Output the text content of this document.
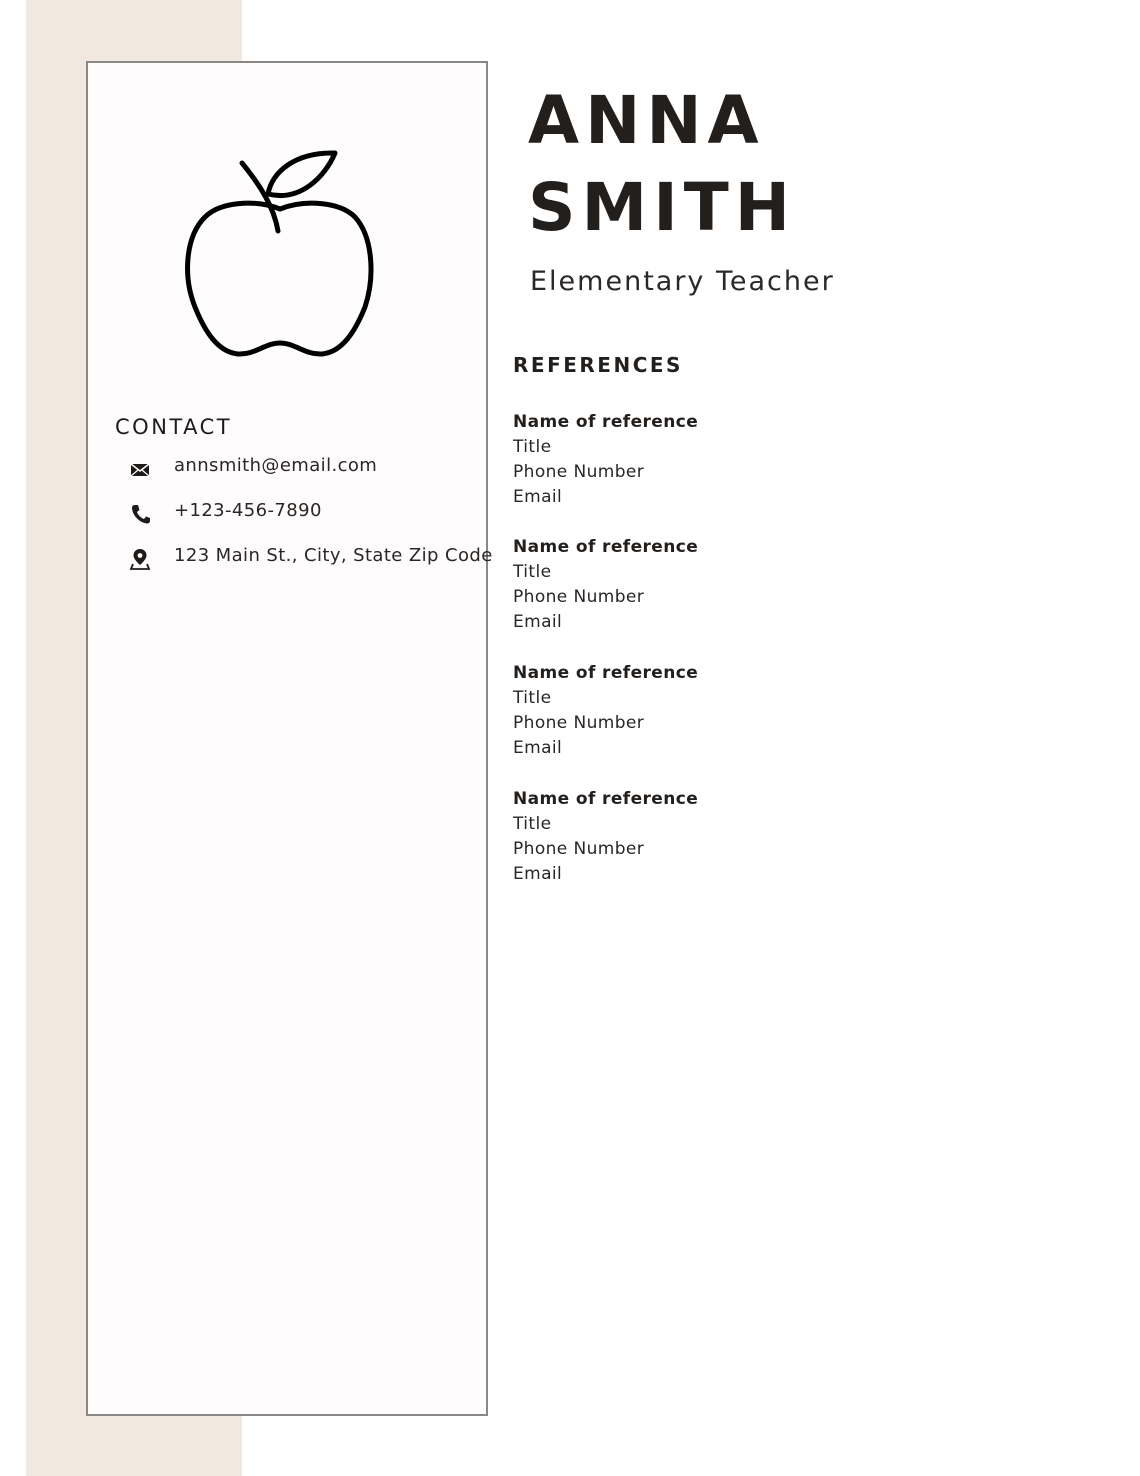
CONTACT
annsmith@email.com
+123-456-7890
123 Main St., City, State Zip Code
ANNA
SMITH
Elementary Teacher
REFERENCES
Name of reference
Title
Phone Number
Email
Name of reference
Title
Phone Number
Email
Name of reference
Title
Phone Number
Email
Name of reference
Title
Phone Number
Email
